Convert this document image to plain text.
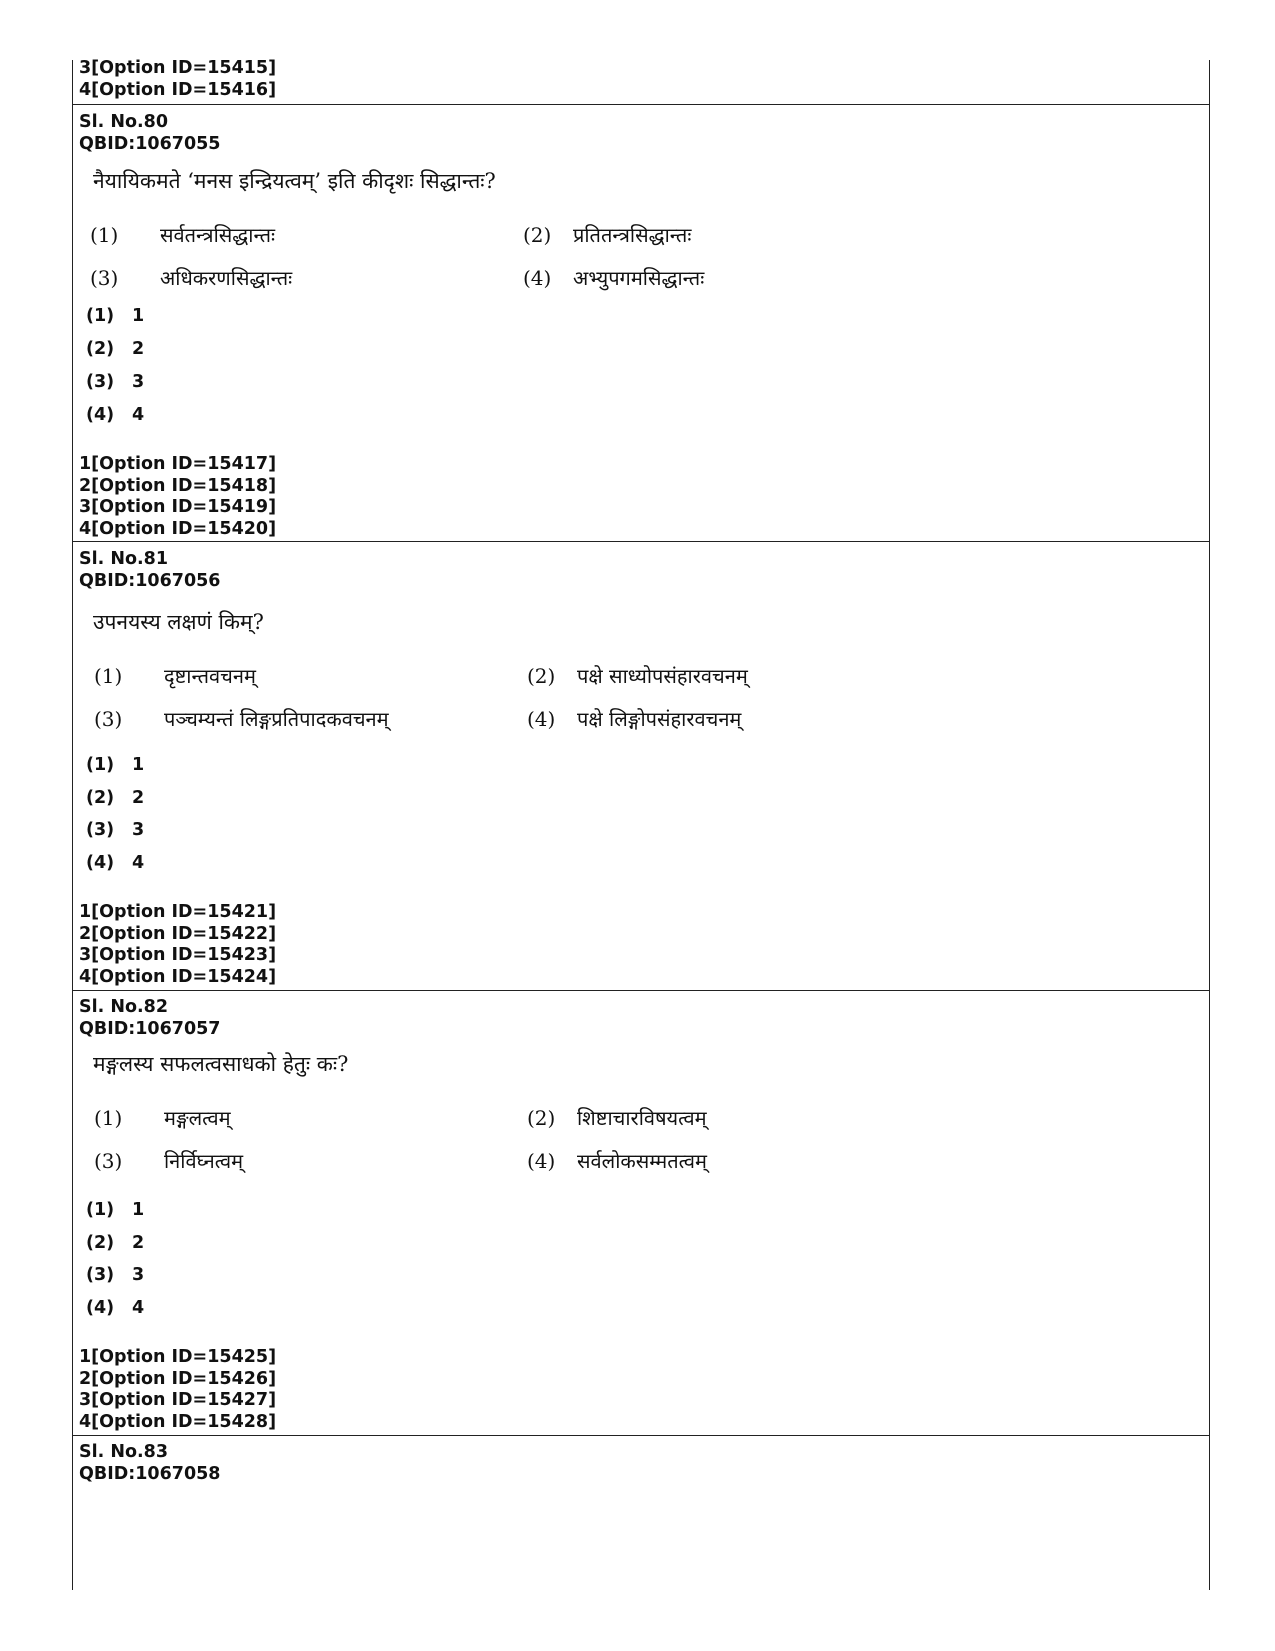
3[Option ID=15415]
4[Option ID=15416]
Sl. No.80
QBID:1067055
नैयायिकमते ‘मनस इन्द्रियत्वम्’ इति कीदृशः सिद्धान्तः?
(1) सर्वतन्त्रसिद्धान्तः	(2) प्रतितन्त्रसिद्धान्तः
(3) अधिकरणसिद्धान्तः	(4) अभ्युपगमसिद्धान्तः
(1) 1
(2) 2
(3) 3
(4) 4
1[Option ID=15417]
2[Option ID=15418]
3[Option ID=15419]
4[Option ID=15420]
Sl. No.81
QBID:1067056
उपनयस्य लक्षणं किम्?
(1) दृष्टान्तवचनम्	(2) पक्षे साध्योपसंहारवचनम्
(3) पञ्चम्यन्तं लिङ्गप्रतिपादकवचनम्	(4) पक्षे लिङ्गोपसंहारवचनम्
(1) 1
(2) 2
(3) 3
(4) 4
1[Option ID=15421]
2[Option ID=15422]
3[Option ID=15423]
4[Option ID=15424]
Sl. No.82
QBID:1067057
मङ्गलस्य सफलत्वसाधको हेतुः कः?
(1) मङ्गलत्वम्	(2) शिष्टाचारविषयत्वम्
(3) निर्विघ्नत्वम्	(4) सर्वलोकसम्मतत्वम्
(1) 1
(2) 2
(3) 3
(4) 4
1[Option ID=15425]
2[Option ID=15426]
3[Option ID=15427]
4[Option ID=15428]
Sl. No.83
QBID:1067058
